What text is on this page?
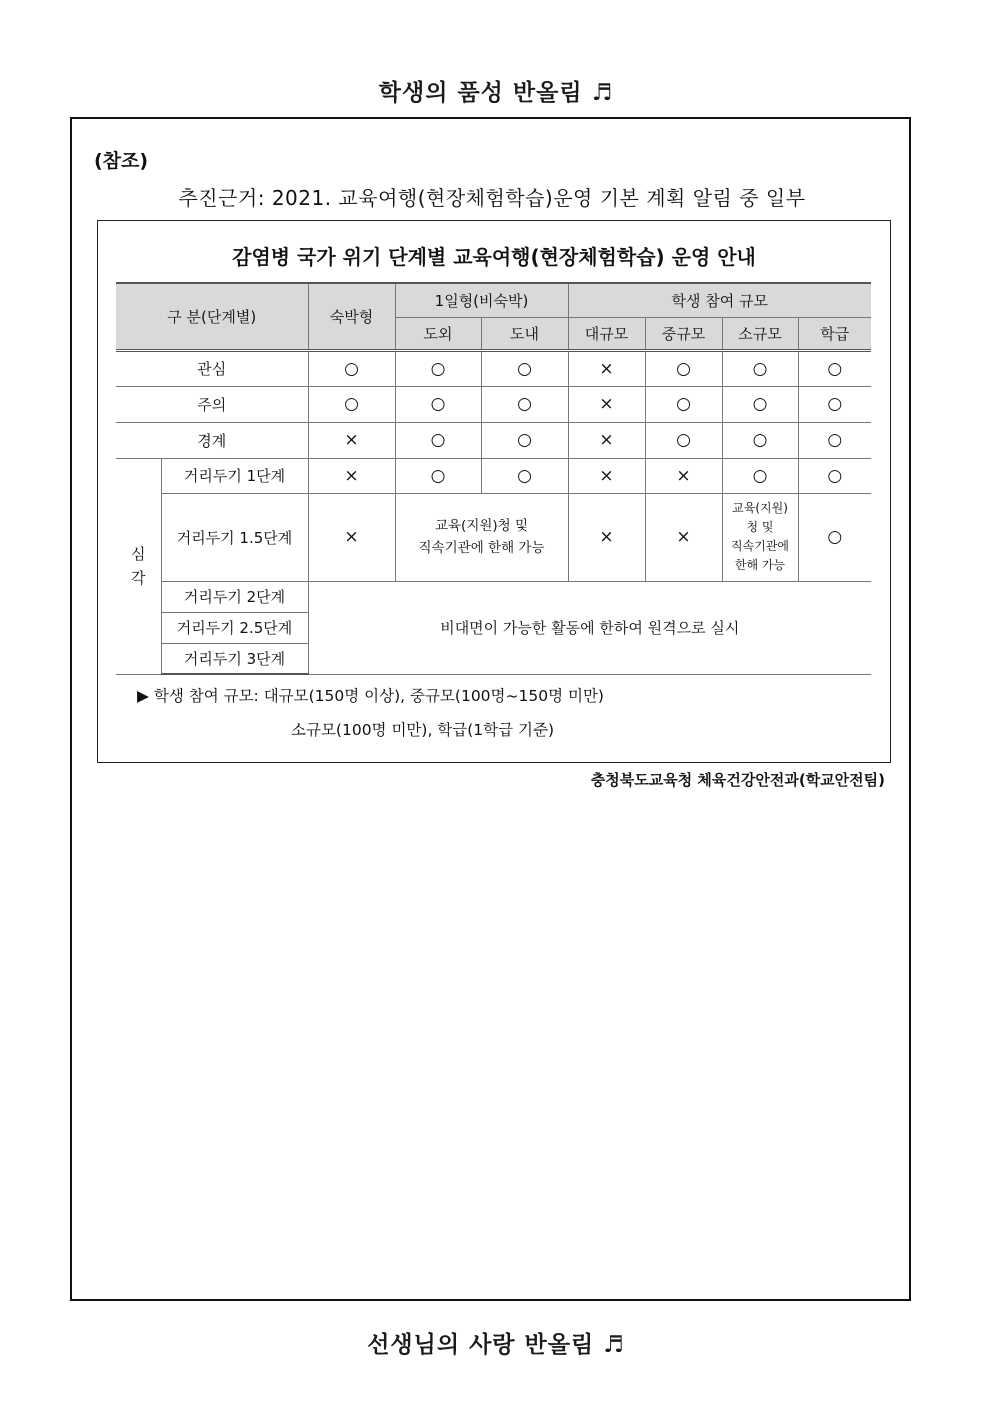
학생의 품성 반올림 ♬
(참조)
추진근거: 2021. 교육여행(현장체험학습)운영 기본 계획 알림 중 일부
감염병 국가 위기 단계별 교육여행(현장체험학습) 운영 안내
구 분(단계별)		숙박형	1일형(비숙박)		학생 참여 규모			
			도외	도내	대규모	중규모	소규모	학급
관심		○	○	○	×	○	○	○
주의		○	○	○	×	○	○	○
경계		×	○	○	×	○	○	○
심
각	거리두기 1단계	×	○	○	×	×	○	○
	거리두기 1.5단계	×	교육(지원)청 및
직속기관에 한해 가능		×	×	교육(지원)
청 및
직속기관에
한해 가능	○
	거리두기 2단계	비대면이 가능한 활동에 한하여 원격으로 실시						
	거리두기 2.5단계							
	거리두기 3단계							
▶ 학생 참여 규모: 대규모(150명 이상), 중규모(100명~150명 미만)
소규모(100명 미만), 학급(1학급 기준)
충청북도교육청 체육건강안전과(학교안전팀)
선생님의 사랑 반올림 ♬
